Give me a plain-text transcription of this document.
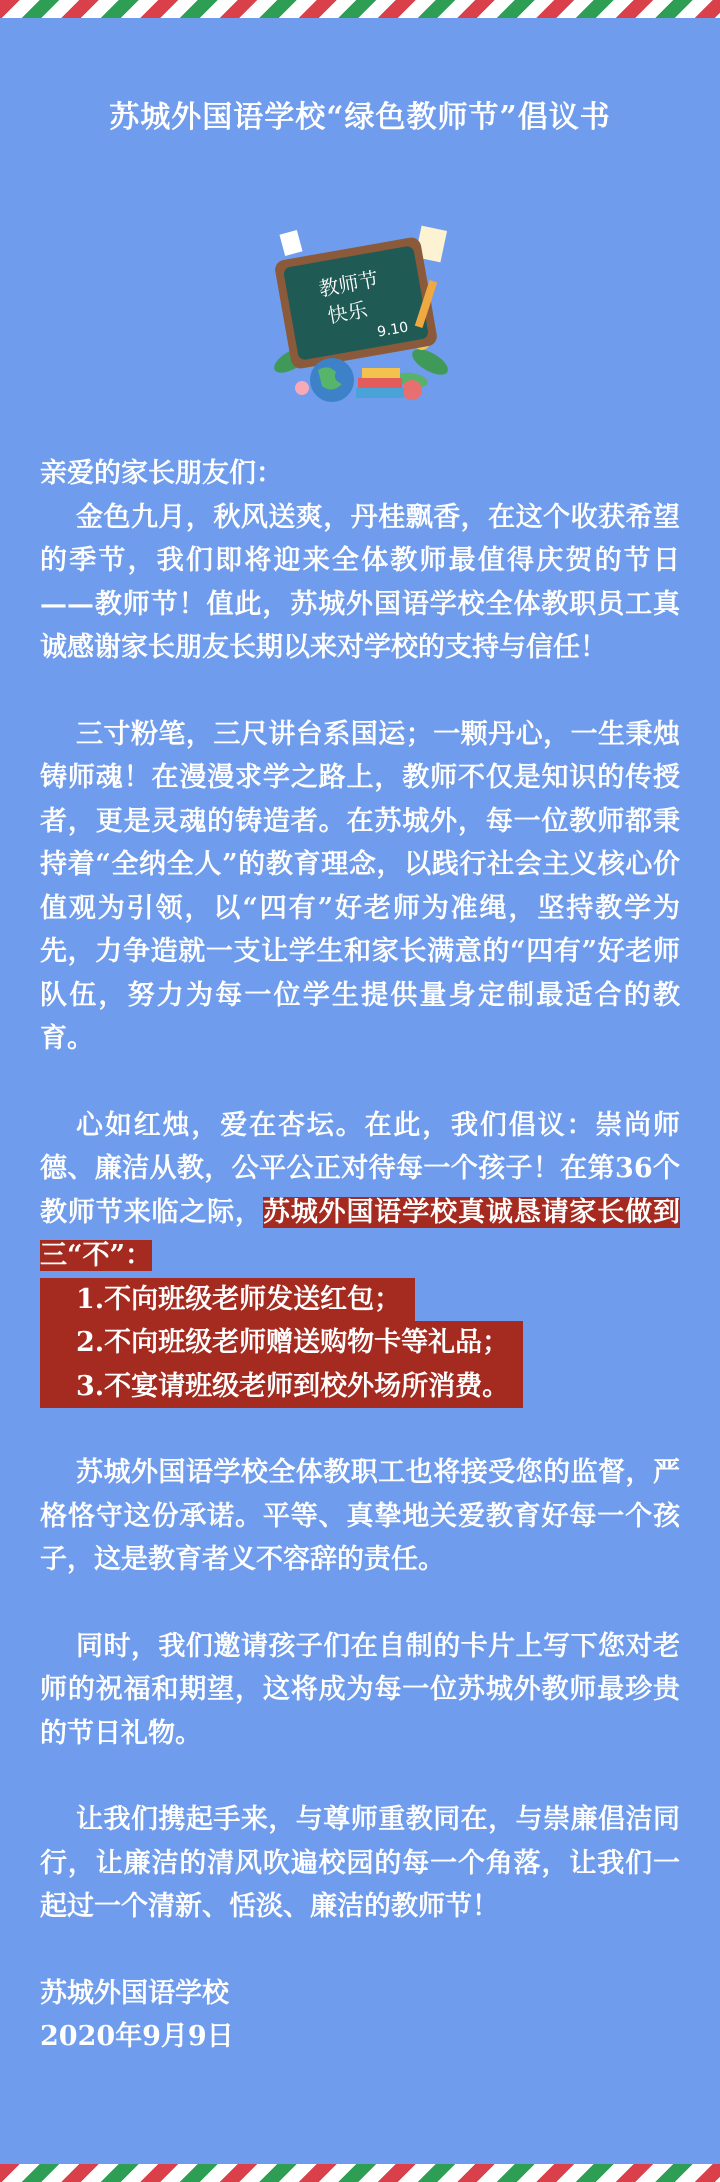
苏城外国语学校“绿色教师节”倡议书
教师节
快乐
9.10

亲爱的家长朋友们：

金色九月，秋风送爽，丹桂飘香，在这个收获希望的季节，我们即将迎来全体教师最值得庆贺的节日——教师节！值此，苏城外国语学校全体教职员工真诚感谢家长朋友长期以来对学校的支持与信任！

三寸粉笔，三尺讲台系国运；一颗丹心，一生秉烛铸师魂！在漫漫求学之路上，教师不仅是知识的传授者，更是灵魂的铸造者。在苏城外，每一位教师都秉持着“全纳全人”的教育理念，以践行社会主义核心价值观为引领，以“四有”好老师为准绳，坚持教学为先，力争造就一支让学生和家长满意的“四有”好老师队伍，努力为每一位学生提供量身定制最适合的教育。

心如红烛，爱在杏坛。在此，我们倡议：崇尚师德、廉洁从教，公平公正对待每一个孩子！在第36个教师节来临之际，苏城外国语学校真诚恳请家长做到三“不”：

1.不向班级老师发送红包；

2.不向班级老师赠送购物卡等礼品；

3.不宴请班级老师到校外场所消费。

苏城外国语学校全体教职工也将接受您的监督，严格恪守这份承诺。平等、真挚地关爱教育好每一个孩子，这是教育者义不容辞的责任。

同时，我们邀请孩子们在自制的卡片上写下您对老师的祝福和期望，这将成为每一位苏城外教师最珍贵的节日礼物。

让我们携起手来，与尊师重教同在，与崇廉倡洁同行，让廉洁的清风吹遍校园的每一个角落，让我们一起过一个清新、恬淡、廉洁的教师节！

苏城外国语学校

2020年9月9日
